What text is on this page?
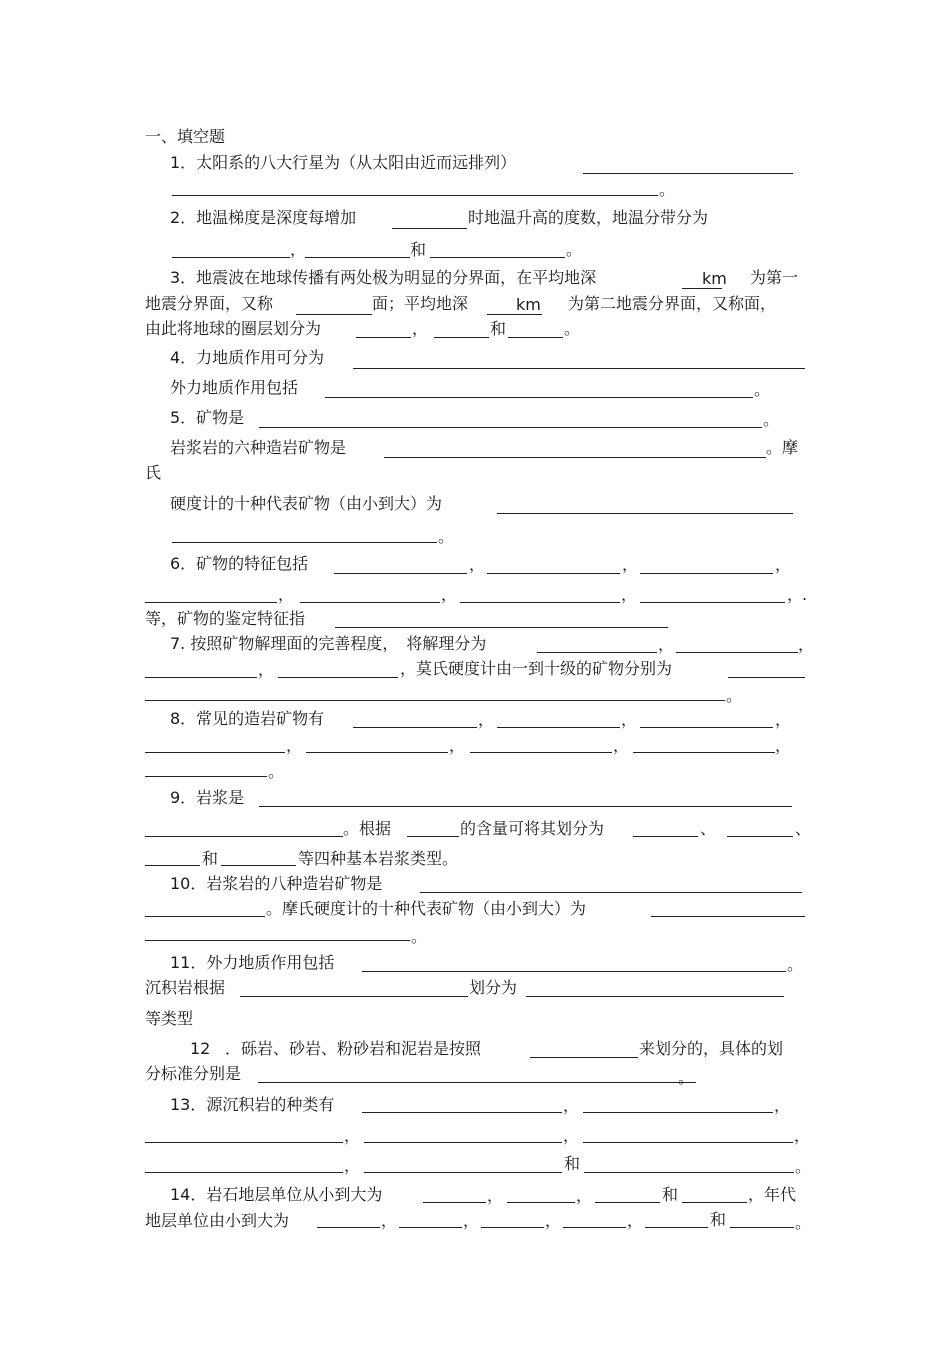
一、填空题
1．太阳系的八大行星为（从太阳由近而远排列）
。
2．地温梯度是深度每增加	时地温升高的度数，地温分带分为
，	和	。
3．地震波在地球传播有两处极为明显的分界面，在平均地深	km 为第一
地震分界面，又称	面；平均地深	km 为第二地震分界面，又称面，
由此将地球的圈层划分为	，	和	。
4．力地质作用可分为
外力地质作用包括	。
5．矿物是	。
岩浆岩的六种造岩矿物是	。摩
氏
硬度计的十种代表矿物（由小到大）为
。
6．矿物的特征包括	，	，	，
，	，	，	，
.
等，矿物的鉴定特征指
7. 按照矿物解理面的完善程度，　将解理分为	，	，
，	，莫氏硬度计由一到十级的矿物分别为
。
8．常见的造岩矿物有	，	，	，
，	，	，	，
。
9．岩浆是
。根据	的含量可将其划分为	、	、
和	等四种基本岩浆类型。
10．岩浆岩的八种造岩矿物是
。摩氏硬度计的十种代表矿物（由小到大）为
。
11．外力地质作用包括	。
沉积岩根据	划分为
等类型
12 ．砾岩、砂岩、粉砂岩和泥岩是按照	来划分的，具体的划
分标准分别是	。
13．源沉积岩的种类有	，	，
，	，	，
，	和	。
14．岩石地层单位从小到大为	，	，	和	，年代
地层单位由小到大为	，	，	，	，	和	。
